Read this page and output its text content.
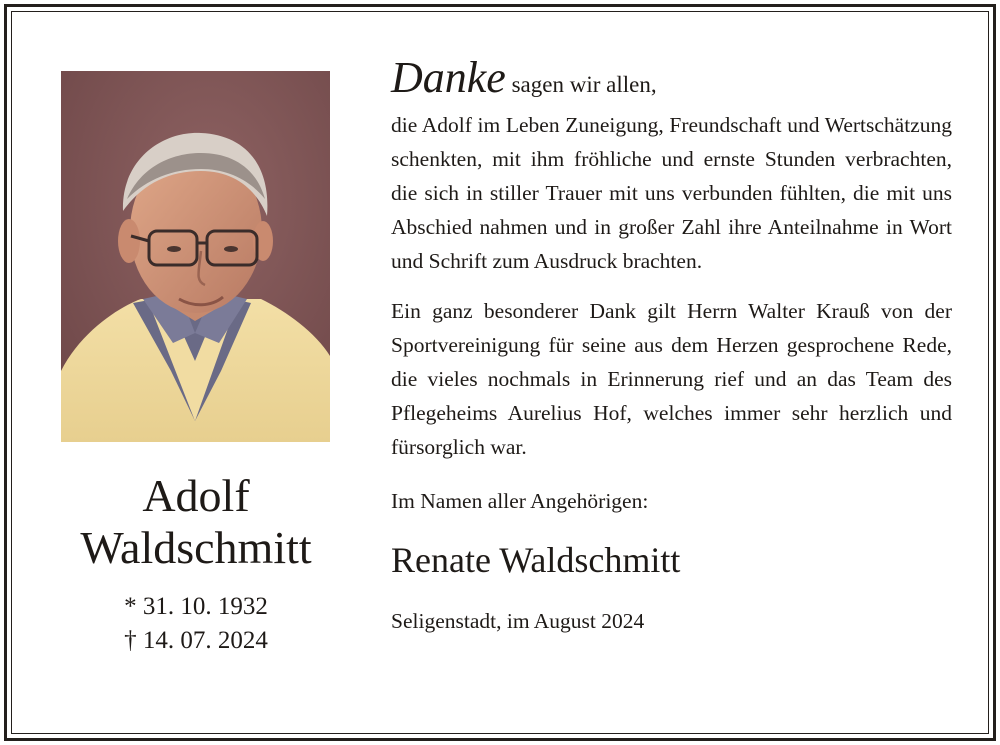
Adolf
Waldschmitt
* 31. 10. 1932
† 14. 07. 2024
Danke sagen wir allen,

die Adolf im Leben Zuneigung, Freundschaft und Wertschätzung schenkten, mit ihm fröhliche und ernste Stunden verbrachten, die sich in stiller Trauer mit uns verbunden fühlten, die mit uns Abschied nahmen und in großer Zahl ihre Anteilnahme in Wort und Schrift zum Ausdruck brachten.

Ein ganz besonderer Dank gilt Herrn Walter Krauß von der Sportvereinigung für seine aus dem Herzen gesprochene Rede, die vieles nochmals in Erinnerung rief und an das Team des Pflegeheims Aurelius Hof, welches immer sehr herzlich und fürsorglich war.

Im Namen aller Angehörigen:
Renate Waldschmitt
Seligenstadt, im August 2024
